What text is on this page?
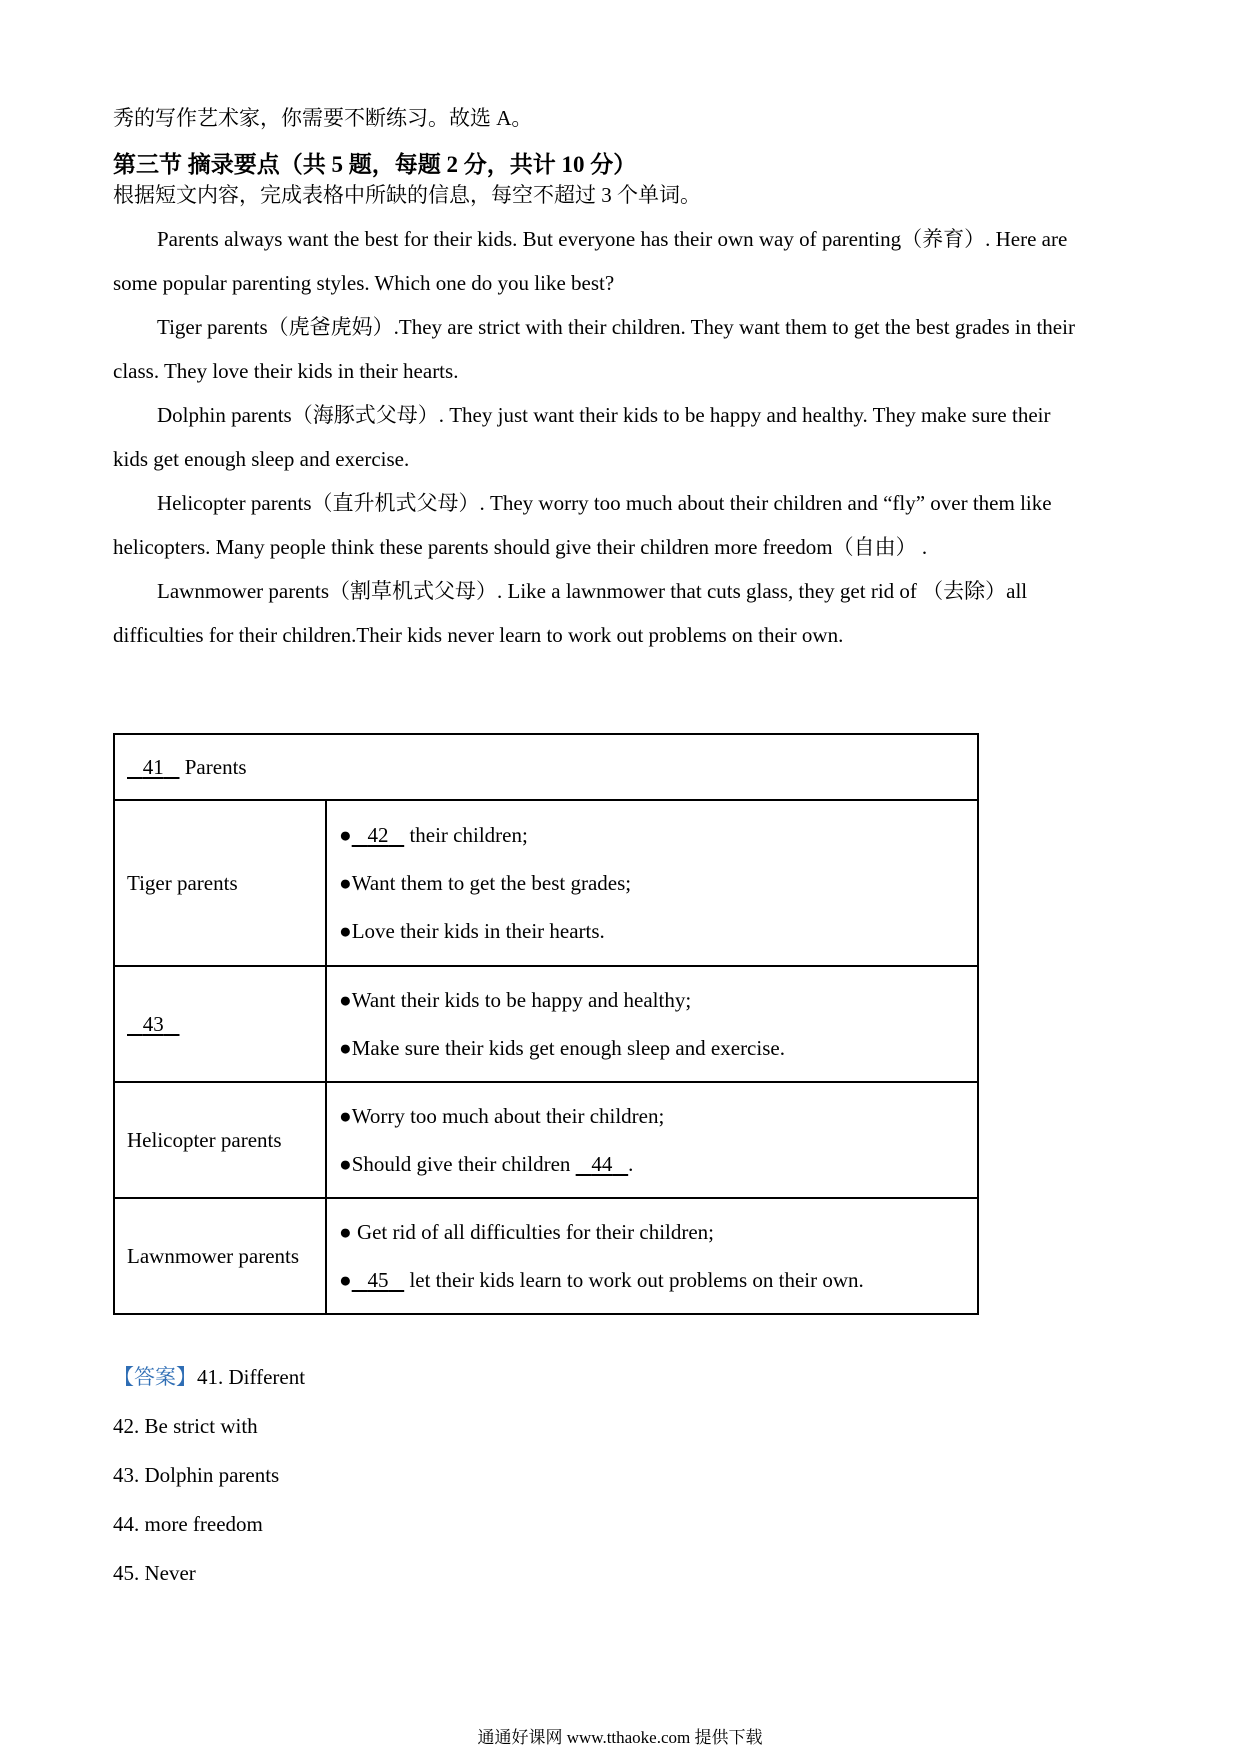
秀的写作艺术家，你需要不断练习。故选 A。
第三节 摘录要点（共 5 题，每题 2 分，共计 10 分）
根据短文内容，完成表格中所缺的信息，每空不超过 3 个单词。
Parents always want the best for their kids. But everyone has their own way of parenting（养育）. Here are
some popular parenting styles. Which one do you like best?
Tiger parents（虎爸虎妈）.They are strict with their children. They want them to get the best grades in their
class. They love their kids in their hearts.
Dolphin parents（海豚式父母）. They just want their kids to be happy and healthy. They make sure their
kids get enough sleep and exercise.
Helicopter parents（直升机式父母）. They worry too much about their children and “fly” over them like
helicopters. Many people think these parents should give their children more freedom（自由） .
Lawnmower parents（割草机式父母）. Like a lawnmower that cuts glass, they get rid of （去除）all
difficulties for their children.Their kids never learn to work out problems on their own.
41 Parents	
Tiger parents	● 42 their children;
●Want them to get the best grades;
●Love their kids in their hearts.

43	●Want their kids to be happy and healthy;
●Make sure their kids get enough sleep and exercise.

Helicopter parents	●Worry too much about their children;
●Should give their children 44 .

Lawnmower parents	● Get rid of all difficulties for their children;
● 45 let their kids learn to work out problems on their own.
【答案】41. Different
42. Be strict with
43. Dolphin parents
44. more freedom
45. Never
通通好课网 www.tthaoke.com 提供下载
